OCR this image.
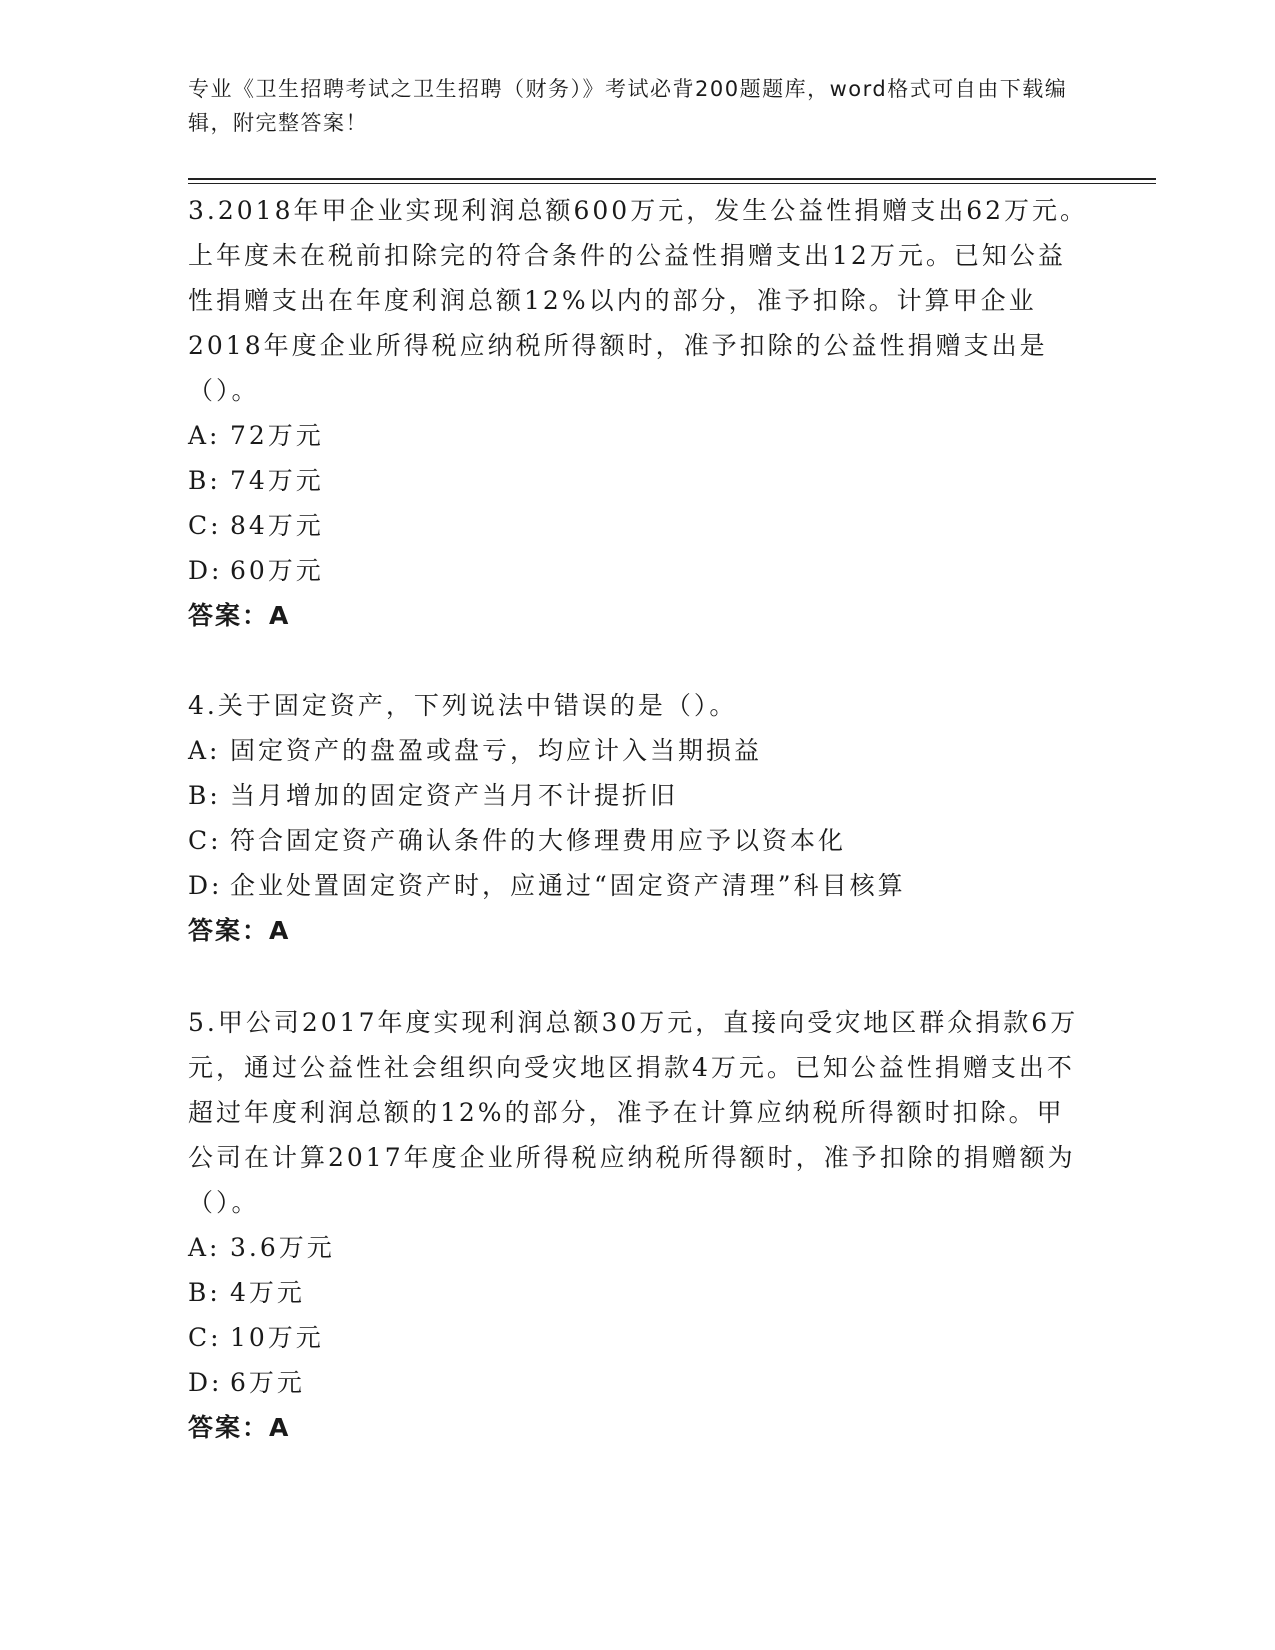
专业《卫生招聘考试之卫生招聘（财务）》考试必背200题题库，word格式可自由下载编辑，附完整答案！

3.2018年甲企业实现利润总额600万元，发生公益性捐赠支出62万元。上年度未在税前扣除完的符合条件的公益性捐赠支出12万元。已知公益性捐赠支出在年度利润总额12%以内的部分，准予扣除。计算甲企业2018年度企业所得税应纳税所得额时，准予扣除的公益性捐赠支出是（）。

A: 72万元
B: 74万元
C: 84万元
D: 60万元

答案：A

4.关于固定资产，下列说法中错误的是（）。

A: 固定资产的盘盈或盘亏，均应计入当期损益
B: 当月增加的固定资产当月不计提折旧
C: 符合固定资产确认条件的大修理费用应予以资本化
D: 企业处置固定资产时，应通过“固定资产清理”科目核算

答案：A

5.甲公司2017年度实现利润总额30万元，直接向受灾地区群众捐款6万元，通过公益性社会组织向受灾地区捐款4万元。已知公益性捐赠支出不超过年度利润总额的12%的部分，准予在计算应纳税所得额时扣除。甲公司在计算2017年度企业所得税应纳税所得额时，准予扣除的捐赠额为（）。

A: 3.6万元
B: 4万元
C: 10万元
D: 6万元

答案：A
